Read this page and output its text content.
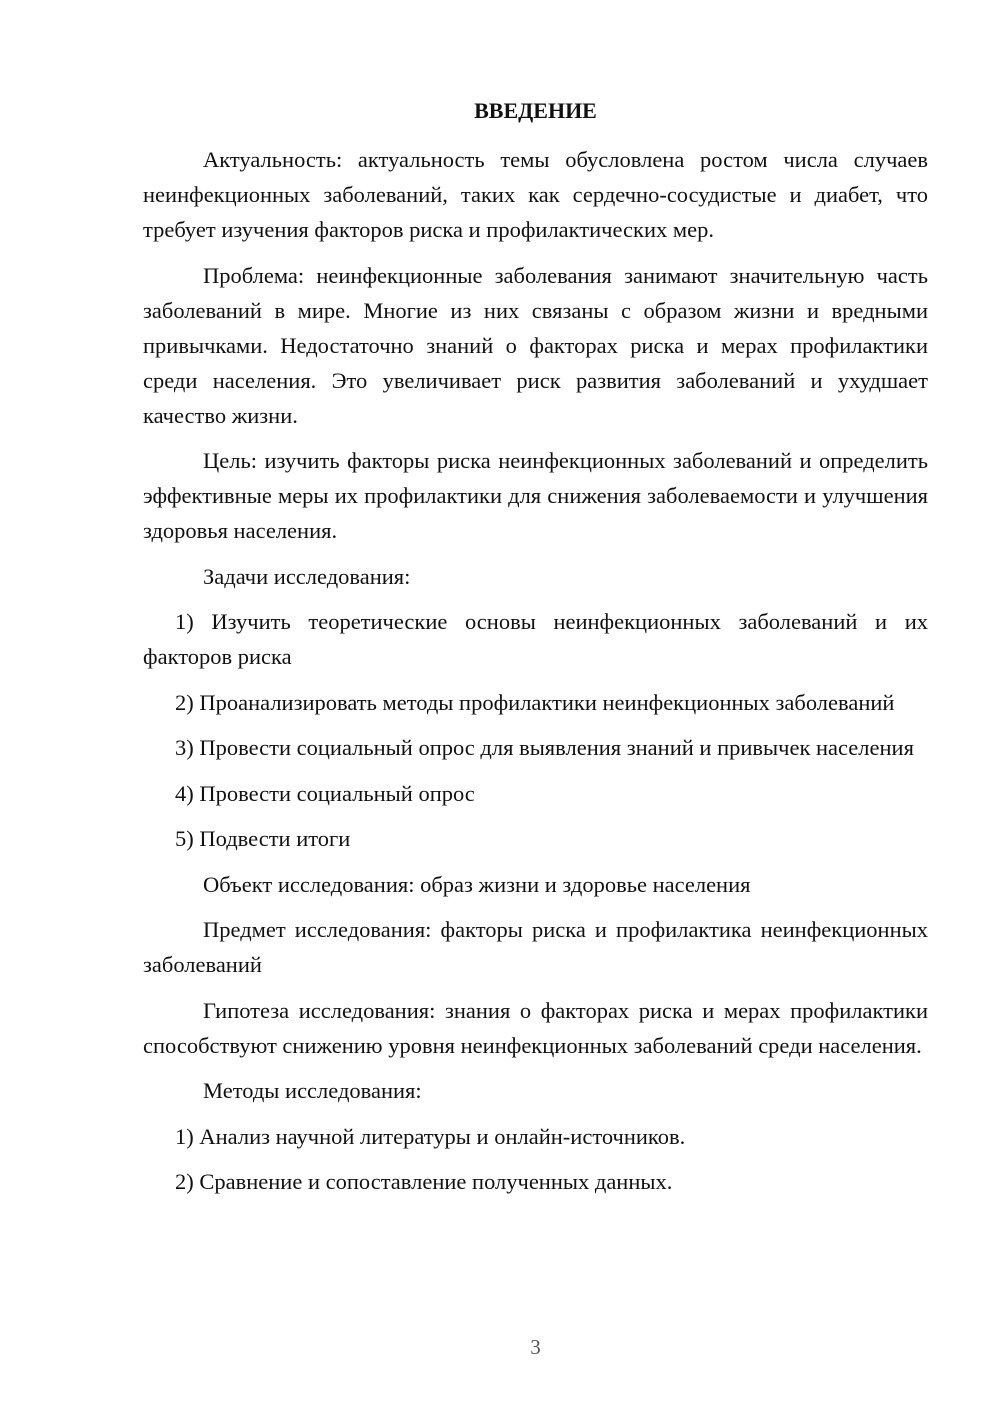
ВВЕДЕНИЕ

Актуальность: актуальность темы обусловлена ростом числа случаев неинфекционных заболеваний, таких как сердечно-сосудистые и диабет, что требует изучения факторов риска и профилактических мер.

Проблема: неинфекционные заболевания занимают значительную часть заболеваний в мире. Многие из них связаны с образом жизни и вредными привычками. Недостаточно знаний о факторах риска и мерах профилактики среди населения. Это увеличивает риск развития заболеваний и ухудшает качество жизни.

Цель: изучить факторы риска неинфекционных заболеваний и определить эффективные меры их профилактики для снижения заболеваемости и улучшения здоровья населения.

Задачи исследования:

1) Изучить теоретические основы неинфекционных заболеваний и их факторов риска

2) Проанализировать методы профилактики неинфекционных заболеваний

3) Провести социальный опрос для выявления знаний и привычек населения

4) Провести социальный опрос

5) Подвести итоги

Объект исследования: образ жизни и здоровье населения

Предмет исследования: факторы риска и профилактика неинфекционных заболеваний

Гипотеза исследования: знания о факторах риска и мерах профилактики способствуют снижению уровня неинфекционных заболеваний среди населения.

Методы исследования:

1) Анализ научной литературы и онлайн-источников.

2) Сравнение и сопоставление полученных данных.

3
